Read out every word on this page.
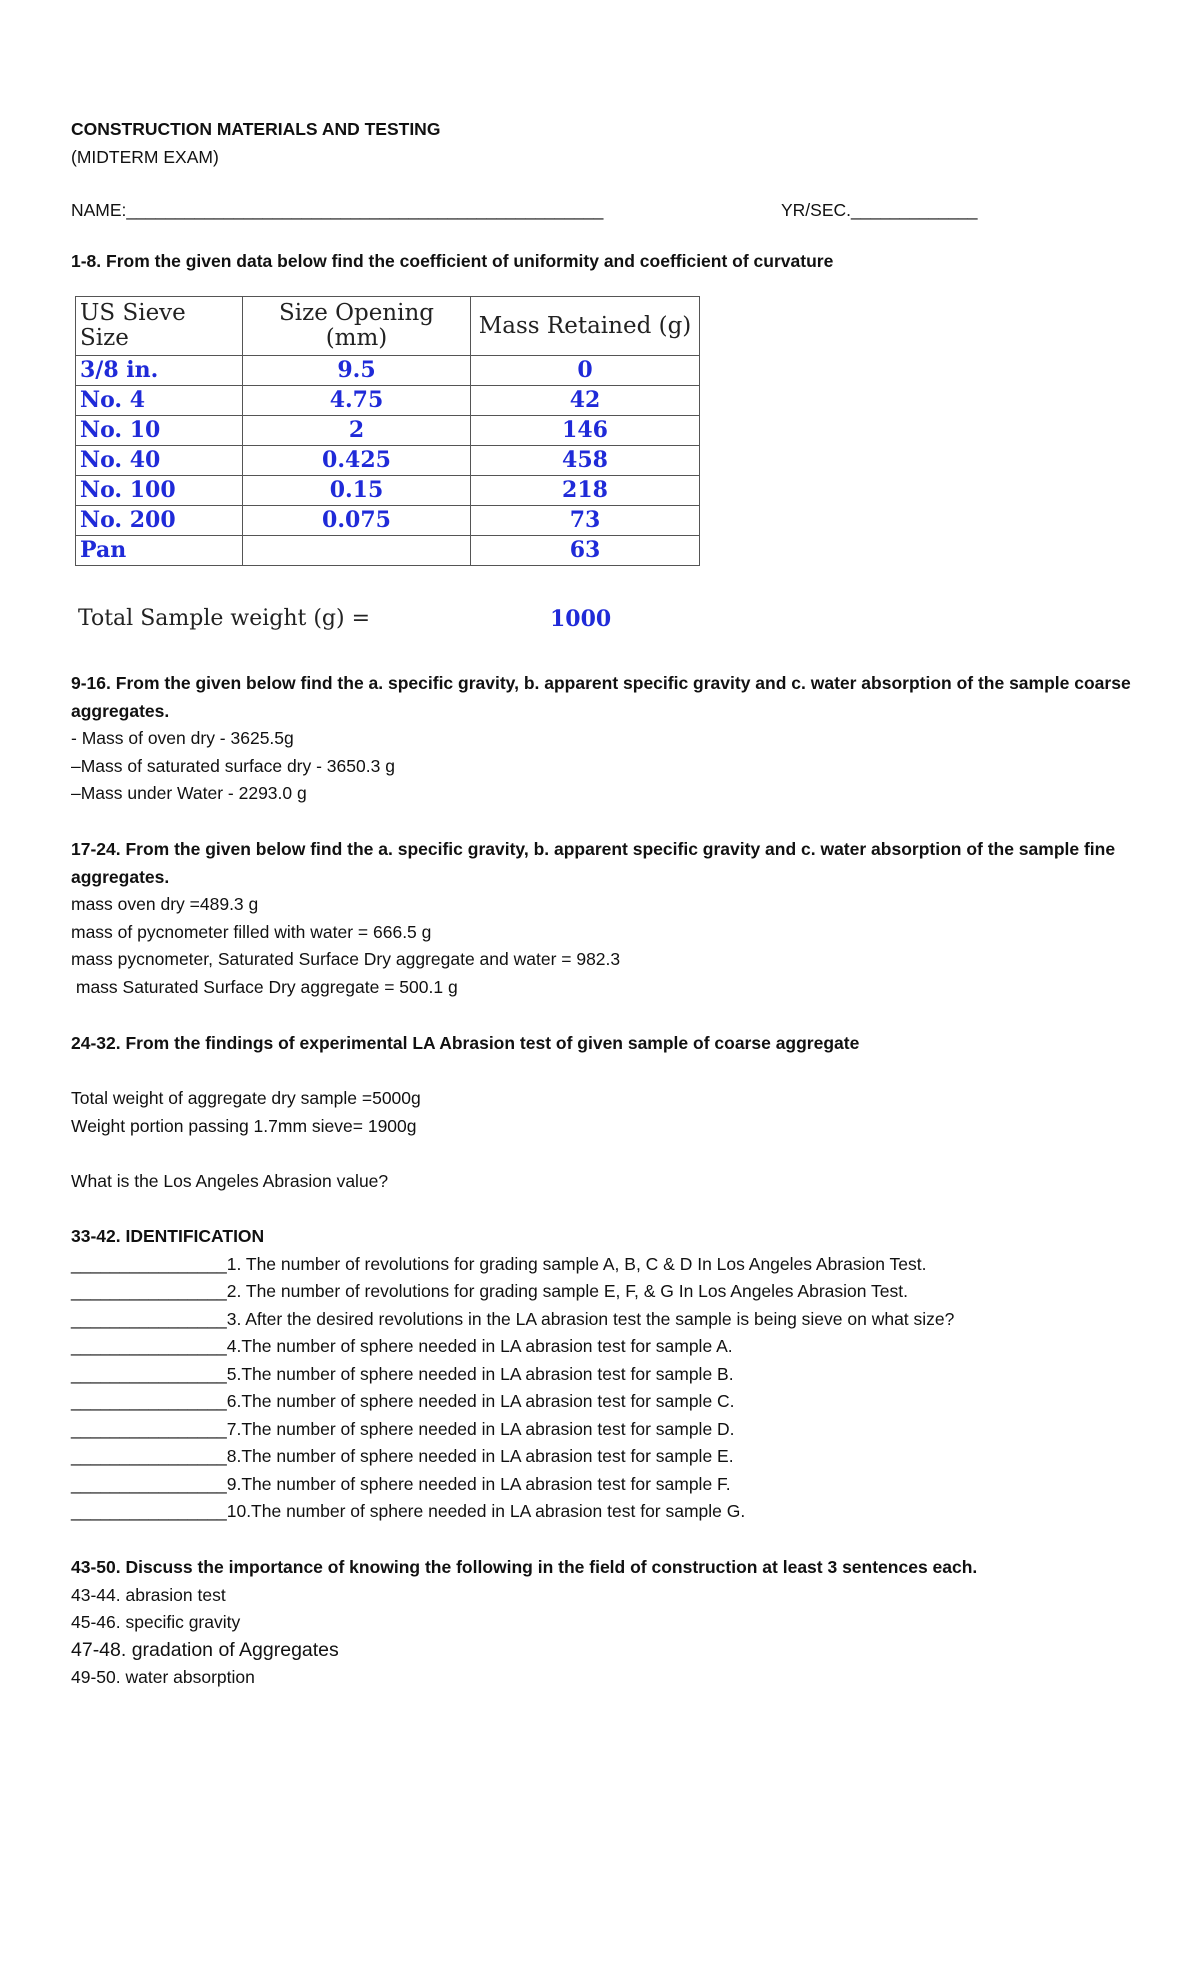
CONSTRUCTION MATERIALS AND TESTING
(MIDTERM EXAM)
NAME:_________________________________________________	YR/SEC._____________
1-8. From the given data below find the coefficient of uniformity and coefficient of curvature
US Sieve Size	Size Opening (mm)	Mass Retained (g)
3/8 in.	9.5	0
No. 4	4.75	42
No. 10	2	146
No. 40	0.425	458
No. 100	0.15	218
No. 200	0.075	73
Pan		63
Total Sample weight (g) =	1000
9-16. From the given below find the a. specific gravity, b. apparent specific gravity and c. water absorption of the sample coarse
aggregates.
- Mass of oven dry - 3625.5g
–Mass of saturated surface dry - 3650.3 g
–Mass under Water - 2293.0 g
17-24. From the given below find the a. specific gravity, b. apparent specific gravity and c. water absorption of the sample fine
aggregates.
mass oven dry =489.3 g
mass of pycnometer filled with water = 666.5 g
mass pycnometer, Saturated Surface Dry aggregate and water = 982.3
mass Saturated Surface Dry aggregate = 500.1 g
24-32. From the findings of experimental LA Abrasion test of given sample of coarse aggregate
Total weight of aggregate dry sample =5000g
Weight portion passing 1.7mm sieve= 1900g
What is the Los Angeles Abrasion value?
33-42. IDENTIFICATION
________________1. The number of revolutions for grading sample A, B, C & D In Los Angeles Abrasion Test.
________________2. The number of revolutions for grading sample E, F, & G In Los Angeles Abrasion Test.
________________3. After the desired revolutions in the LA abrasion test the sample is being sieve on what size?
________________4.The number of sphere needed in LA abrasion test for sample A.
________________5.The number of sphere needed in LA abrasion test for sample B.
________________6.The number of sphere needed in LA abrasion test for sample C.
________________7.The number of sphere needed in LA abrasion test for sample D.
________________8.The number of sphere needed in LA abrasion test for sample E.
________________9.The number of sphere needed in LA abrasion test for sample F.
________________10.The number of sphere needed in LA abrasion test for sample G.
43-50. Discuss the importance of knowing the following in the field of construction at least 3 sentences each.
43-44. abrasion test
45-46. specific gravity
47-48. gradation of Aggregates
49-50. water absorption
